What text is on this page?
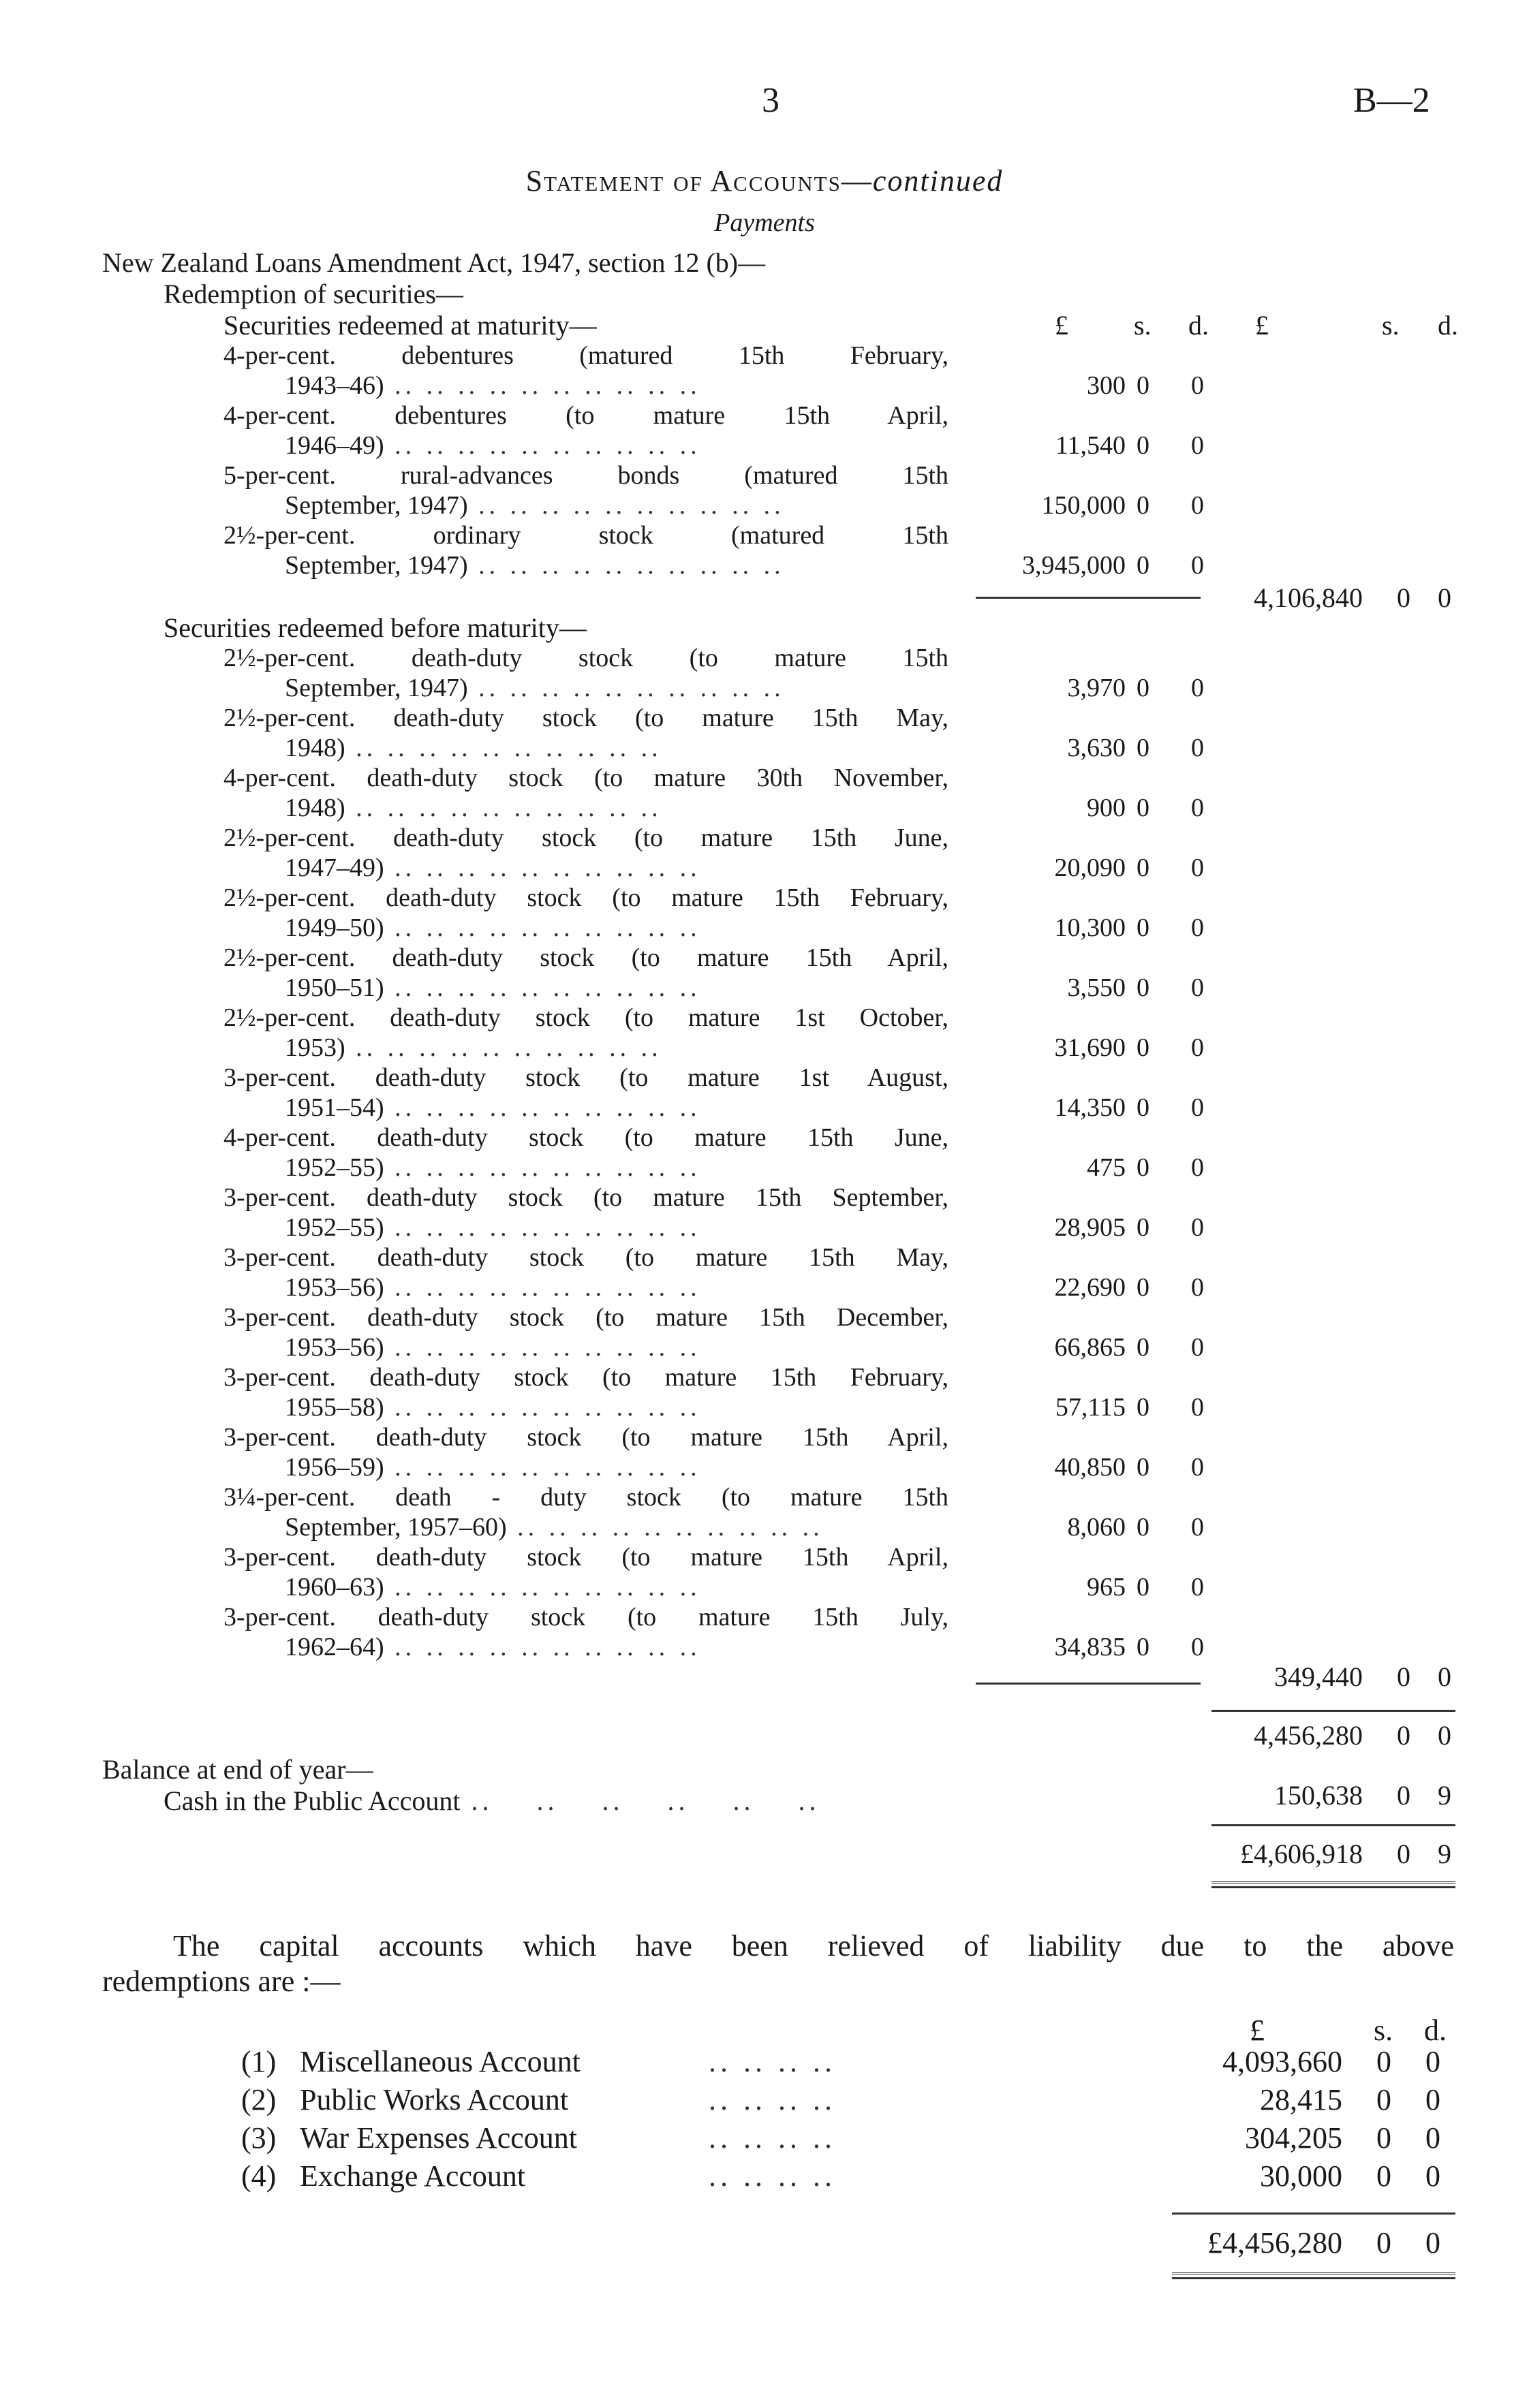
3	B—2
Statement of Accounts—continued
Payments
New Zealand Loans Amendment Act, 1947, section 12 (b)—
Redemption of securities—
Securities redeemed at maturity—	£ s. d. £	s. d.
4-per-cent. debentures (matured 15th February,
1943–46) .. .. .. .. .. .. .. .. .. ..	300 0 0
4-per-cent. debentures (to mature 15th April,
1946–49) .. .. .. .. .. .. .. .. .. ..	11,540 0 0
5-per-cent. rural-advances bonds (matured 15th
September, 1947) .. .. .. .. .. .. .. .. .. ..	150,000 0 0
2½-per-cent. ordinary stock (matured 15th
September, 1947) .. .. .. .. .. .. .. .. .. ..	3,945,000 0 0
4,106,840 0 0
Securities redeemed before maturity—
2½-per-cent. death-duty stock (to mature 15th
September, 1947) .. .. .. .. .. .. .. .. .. ..	3,970 0 0
2½-per-cent. death-duty stock (to mature 15th May,
1948) .. .. .. .. .. .. .. .. .. ..	3,630 0 0
4-per-cent. death-duty stock (to mature 30th November,
1948) .. .. .. .. .. .. .. .. .. ..	900 0 0
2½-per-cent. death-duty stock (to mature 15th June,
1947–49) .. .. .. .. .. .. .. .. .. ..	20,090 0 0
2½-per-cent. death-duty stock (to mature 15th February,
1949–50) .. .. .. .. .. .. .. .. .. ..	10,300 0 0
2½-per-cent. death-duty stock (to mature 15th April,
1950–51) .. .. .. .. .. .. .. .. .. ..	3,550 0 0
2½-per-cent. death-duty stock (to mature 1st October,
1953) .. .. .. .. .. .. .. .. .. ..	31,690 0 0
3-per-cent. death-duty stock (to mature 1st August,
1951–54) .. .. .. .. .. .. .. .. .. ..	14,350 0 0
4-per-cent. death-duty stock (to mature 15th June,
1952–55) .. .. .. .. .. .. .. .. .. ..	475 0 0
3-per-cent. death-duty stock (to mature 15th September,
1952–55) .. .. .. .. .. .. .. .. .. ..	28,905 0 0
3-per-cent. death-duty stock (to mature 15th May,
1953–56) .. .. .. .. .. .. .. .. .. ..	22,690 0 0
3-per-cent. death-duty stock (to mature 15th December,
1953–56) .. .. .. .. .. .. .. .. .. ..	66,865 0 0
3-per-cent. death-duty stock (to mature 15th February,
1955–58) .. .. .. .. .. .. .. .. .. ..	57,115 0 0
3-per-cent. death-duty stock (to mature 15th April,
1956–59) .. .. .. .. .. .. .. .. .. ..	40,850 0 0
3¼-per-cent. death - duty stock (to mature 15th
September, 1957–60) .. .. .. .. .. .. .. .. .. ..	8,060 0 0
3-per-cent. death-duty stock (to mature 15th April,
1960–63) .. .. .. .. .. .. .. .. .. ..	965 0 0
3-per-cent. death-duty stock (to mature 15th July,
1962–64) .. .. .. .. .. .. .. .. .. ..	34,835 0 0
349,440 0 0
4,456,280 0 0
Balance at end of year—
Cash in the Public Account ..    ..    ..    ..    ..    ..	150,638 0 9
£4,606,918 0 9
The capital accounts which have been relieved of liability due to the above
redemptions are :—
£	s. d.
(1) Miscellaneous Account	.. .. .. ..	4,093,660 0 0
(2) Public Works Account	.. .. .. ..	28,415 0 0
(3) War Expenses Account	.. .. .. ..	304,205 0 0
(4) Exchange Account	.. .. .. ..	30,000 0 0
£4,456,280 0 0
